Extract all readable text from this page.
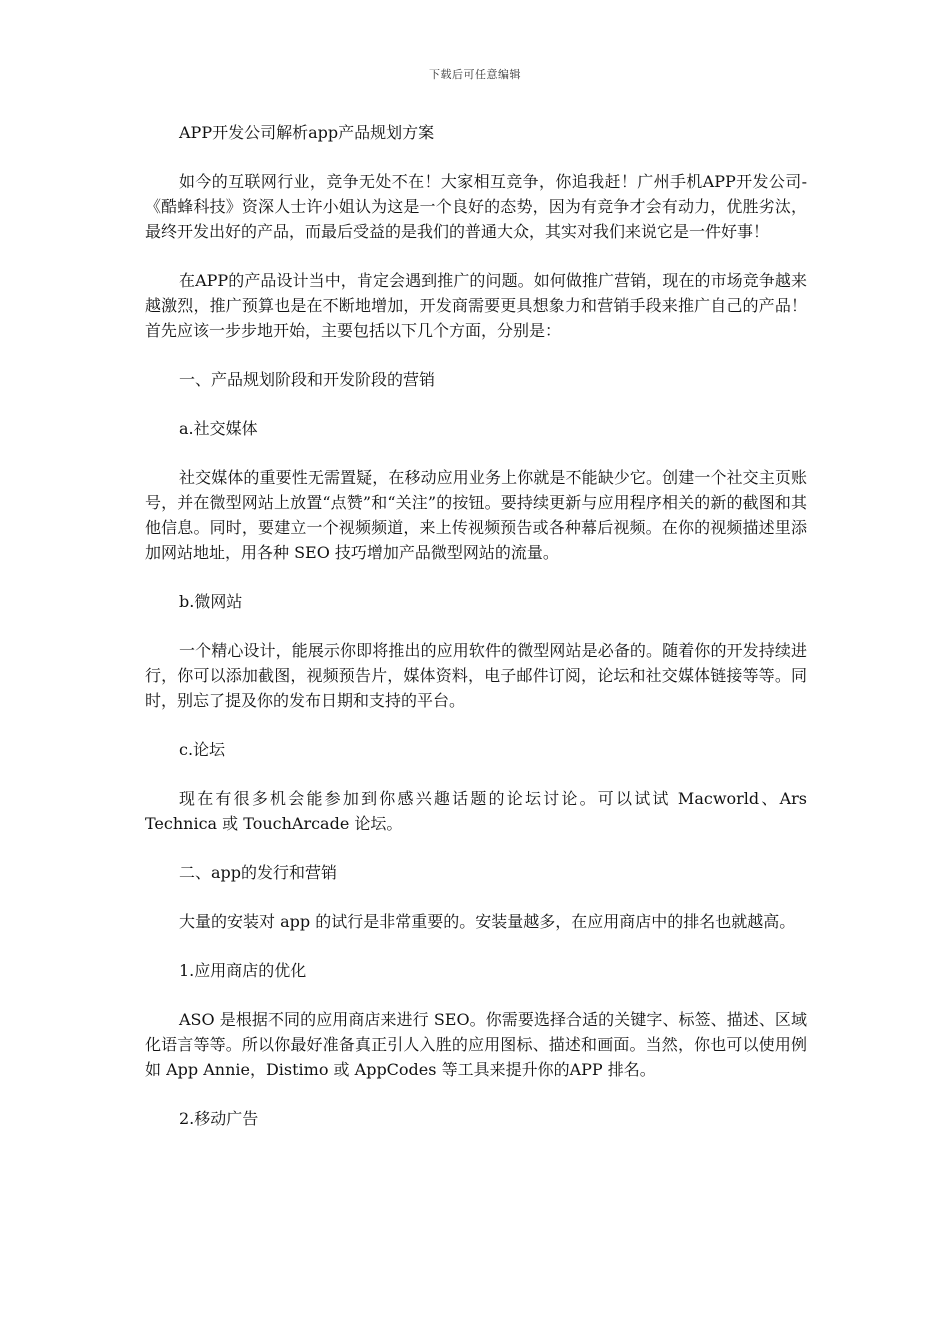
下载后可任意编辑

APP开发公司解析app产品规划方案

如今的互联网行业，竞争无处不在！大家相互竞争，你追我赶！广州手机APP开发公司-《酷蜂科技》资深人士许小姐认为这是一个良好的态势，因为有竞争才会有动力，优胜劣汰，最终开发出好的产品，而最后受益的是我们的普通大众，其实对我们来说它是一件好事！

在APP的产品设计当中，肯定会遇到推广的问题。如何做推广营销，现在的市场竞争越来越激烈，推广预算也是在不断地增加，开发商需要更具想象力和营销手段来推广自己的产品！首先应该一步步地开始，主要包括以下几个方面，分别是：

一、产品规划阶段和开发阶段的营销

a.社交媒体

社交媒体的重要性无需置疑，在移动应用业务上你就是不能缺少它。创建一个社交主页账号，并在微型网站上放置“点赞”和“关注”的按钮。要持续更新与应用程序相关的新的截图和其他信息。同时，要建立一个视频频道，来上传视频预告或各种幕后视频。在你的视频描述里添加网站地址，用各种 SEO 技巧增加产品微型网站的流量。

b.微网站

一个精心设计，能展示你即将推出的应用软件的微型网站是必备的。随着你的开发持续进行，你可以添加截图，视频预告片，媒体资料，电子邮件订阅，论坛和社交媒体链接等等。同时，别忘了提及你的发布日期和支持的平台。

c.论坛

现在有很多机会能参加到你感兴趣话题的论坛讨论。可以试试 Macworld、Ars Technica 或 TouchArcade 论坛。

二、app的发行和营销

大量的安装对 app 的试行是非常重要的。安装量越多，在应用商店中的排名也就越高。

1.应用商店的优化

ASO 是根据不同的应用商店来进行 SEO。你需要选择合适的关键字、标签、描述、区域化语言等等。所以你最好准备真正引人入胜的应用图标、描述和画面。当然，你也可以使用例如 App Annie，Distimo 或 AppCodes 等工具来提升你的APP 排名。

2.移动广告
